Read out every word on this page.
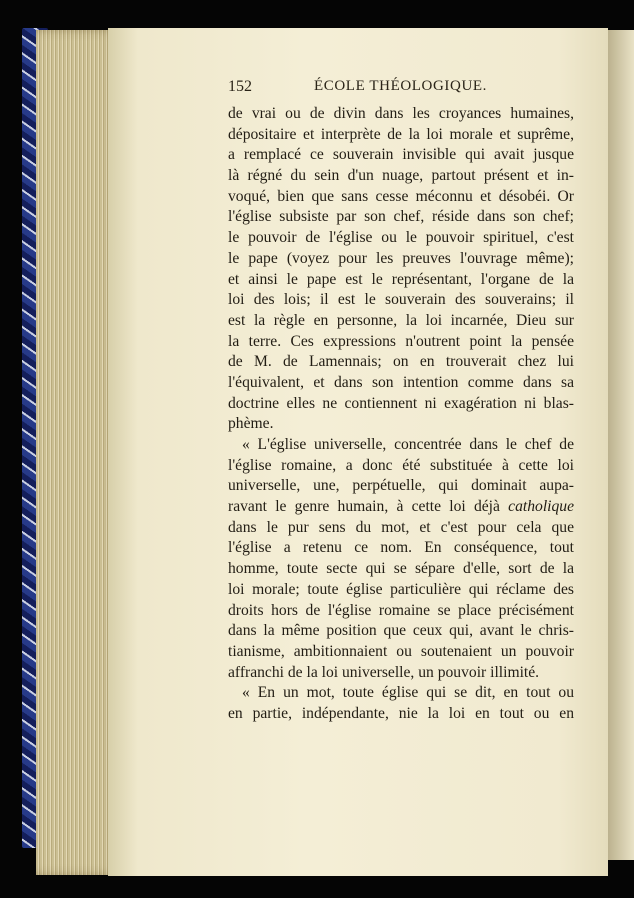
152	ÉCOLE THÉOLOGIQUE.
de vrai ou de divin dans les croyances humaines,
dépositaire et interprète de la loi morale et suprême,
a remplacé ce souverain invisible qui avait jusque
là régné du sein d'un nuage, partout présent et in-
voqué, bien que sans cesse méconnu et désobéi. Or
l'église subsiste par son chef, réside dans son chef;
le pouvoir de l'église ou le pouvoir spirituel, c'est
le pape (voyez pour les preuves l'ouvrage même);
et ainsi le pape est le représentant, l'organe de la
loi des lois; il est le souverain des souverains; il
est la règle en personne, la loi incarnée, Dieu sur
la terre. Ces expressions n'outrent point la pensée
de M. de Lamennais; on en trouverait chez lui
l'équivalent, et dans son intention comme dans sa
doctrine elles ne contiennent ni exagération ni blas-
phème.
« L'église universelle, concentrée dans le chef de
l'église romaine, a donc été substituée à cette loi
universelle, une, perpétuelle, qui dominait aupa-
ravant le genre humain, à cette loi déjà catholique
dans le pur sens du mot, et c'est pour cela que
l'église a retenu ce nom. En conséquence, tout
homme, toute secte qui se sépare d'elle, sort de la
loi morale; toute église particulière qui réclame des
droits hors de l'église romaine se place précisément
dans la même position que ceux qui, avant le chris-
tianisme, ambitionnaient ou soutenaient un pouvoir
affranchi de la loi universelle, un pouvoir illimité.
« En un mot, toute église qui se dit, en tout ou
en partie, indépendante, nie la loi en tout ou en
